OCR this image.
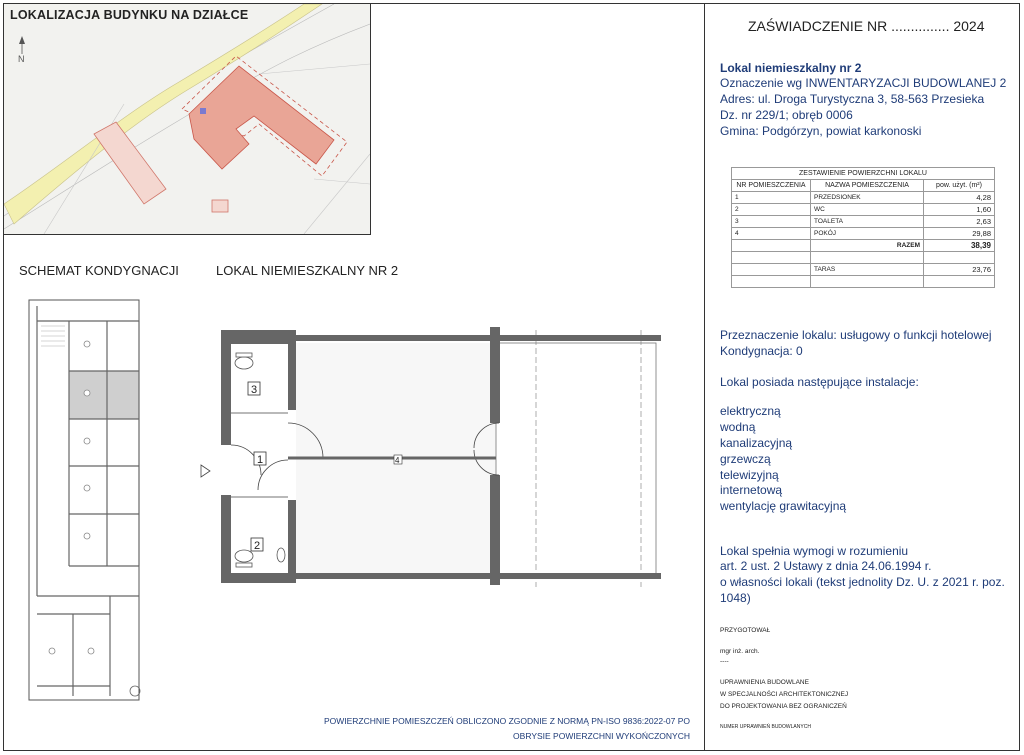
N
LOKALIZACJA BUDYNKU NA DZIAŁCE
SCHEMAT KONDYGNACJI	LOKAL NIEMIESZKALNY NR 2
3
1
2
4
POWIERZCHNIE POMIESZCZEŃ OBLICZONO ZGODNIE Z NORMĄ PN-ISO 9836:2022-07 PO
OBRYSIE POWIERZCHNI WYKOŃCZONYCH
ZAŚWIADCZENIE NR ............... 2024
Lokal niemieszkalny nr 2
Oznaczenie wg INWENTARYZACJI BUDOWLANEJ 2
Adres: ul. Droga Turystyczna 3, 58-563 Przesieka
Dz. nr 229/1; obręb 0006
Gmina: Podgórzyn, powiat karkonoski
ZESTAWIENIE POWIERZCHNI LOKALU		
NR POMIESZCZENIA	NAZWA POMIESZCZENIA	pow. użyt. (m²)
1	PRZEDSIONEK	4,28
2	WC	1,60
3	TOALETA	2,63
4	POKÓJ	29,88
	RAZEM	38,39

	TARAS	23,76

Przeznaczenie lokalu: usługowy o funkcji hotelowej
Kondygnacja: 0
Lokal posiada następujące instalacje:
elektryczną
wodną
kanalizacyjną
grzewczą
telewizyjną
internetową
wentylację grawitacyjną
Lokal spełnia wymogi w rozumieniu
art. 2 ust. 2 Ustawy z dnia 24.06.1994 r.
o własności lokali (tekst jednolity Dz. U. z 2021 r. poz. 1048)
PRZYGOTOWAŁ
mgr inż. arch.
----
UPRAWNIENIA BUDOWLANE
W SPECJALNOŚCI ARCHITEKTONICZNEJ
DO PROJEKTOWANIA BEZ OGRANICZEŃ
NUMER UPRAWNIEŃ BUDOWLANYCH
